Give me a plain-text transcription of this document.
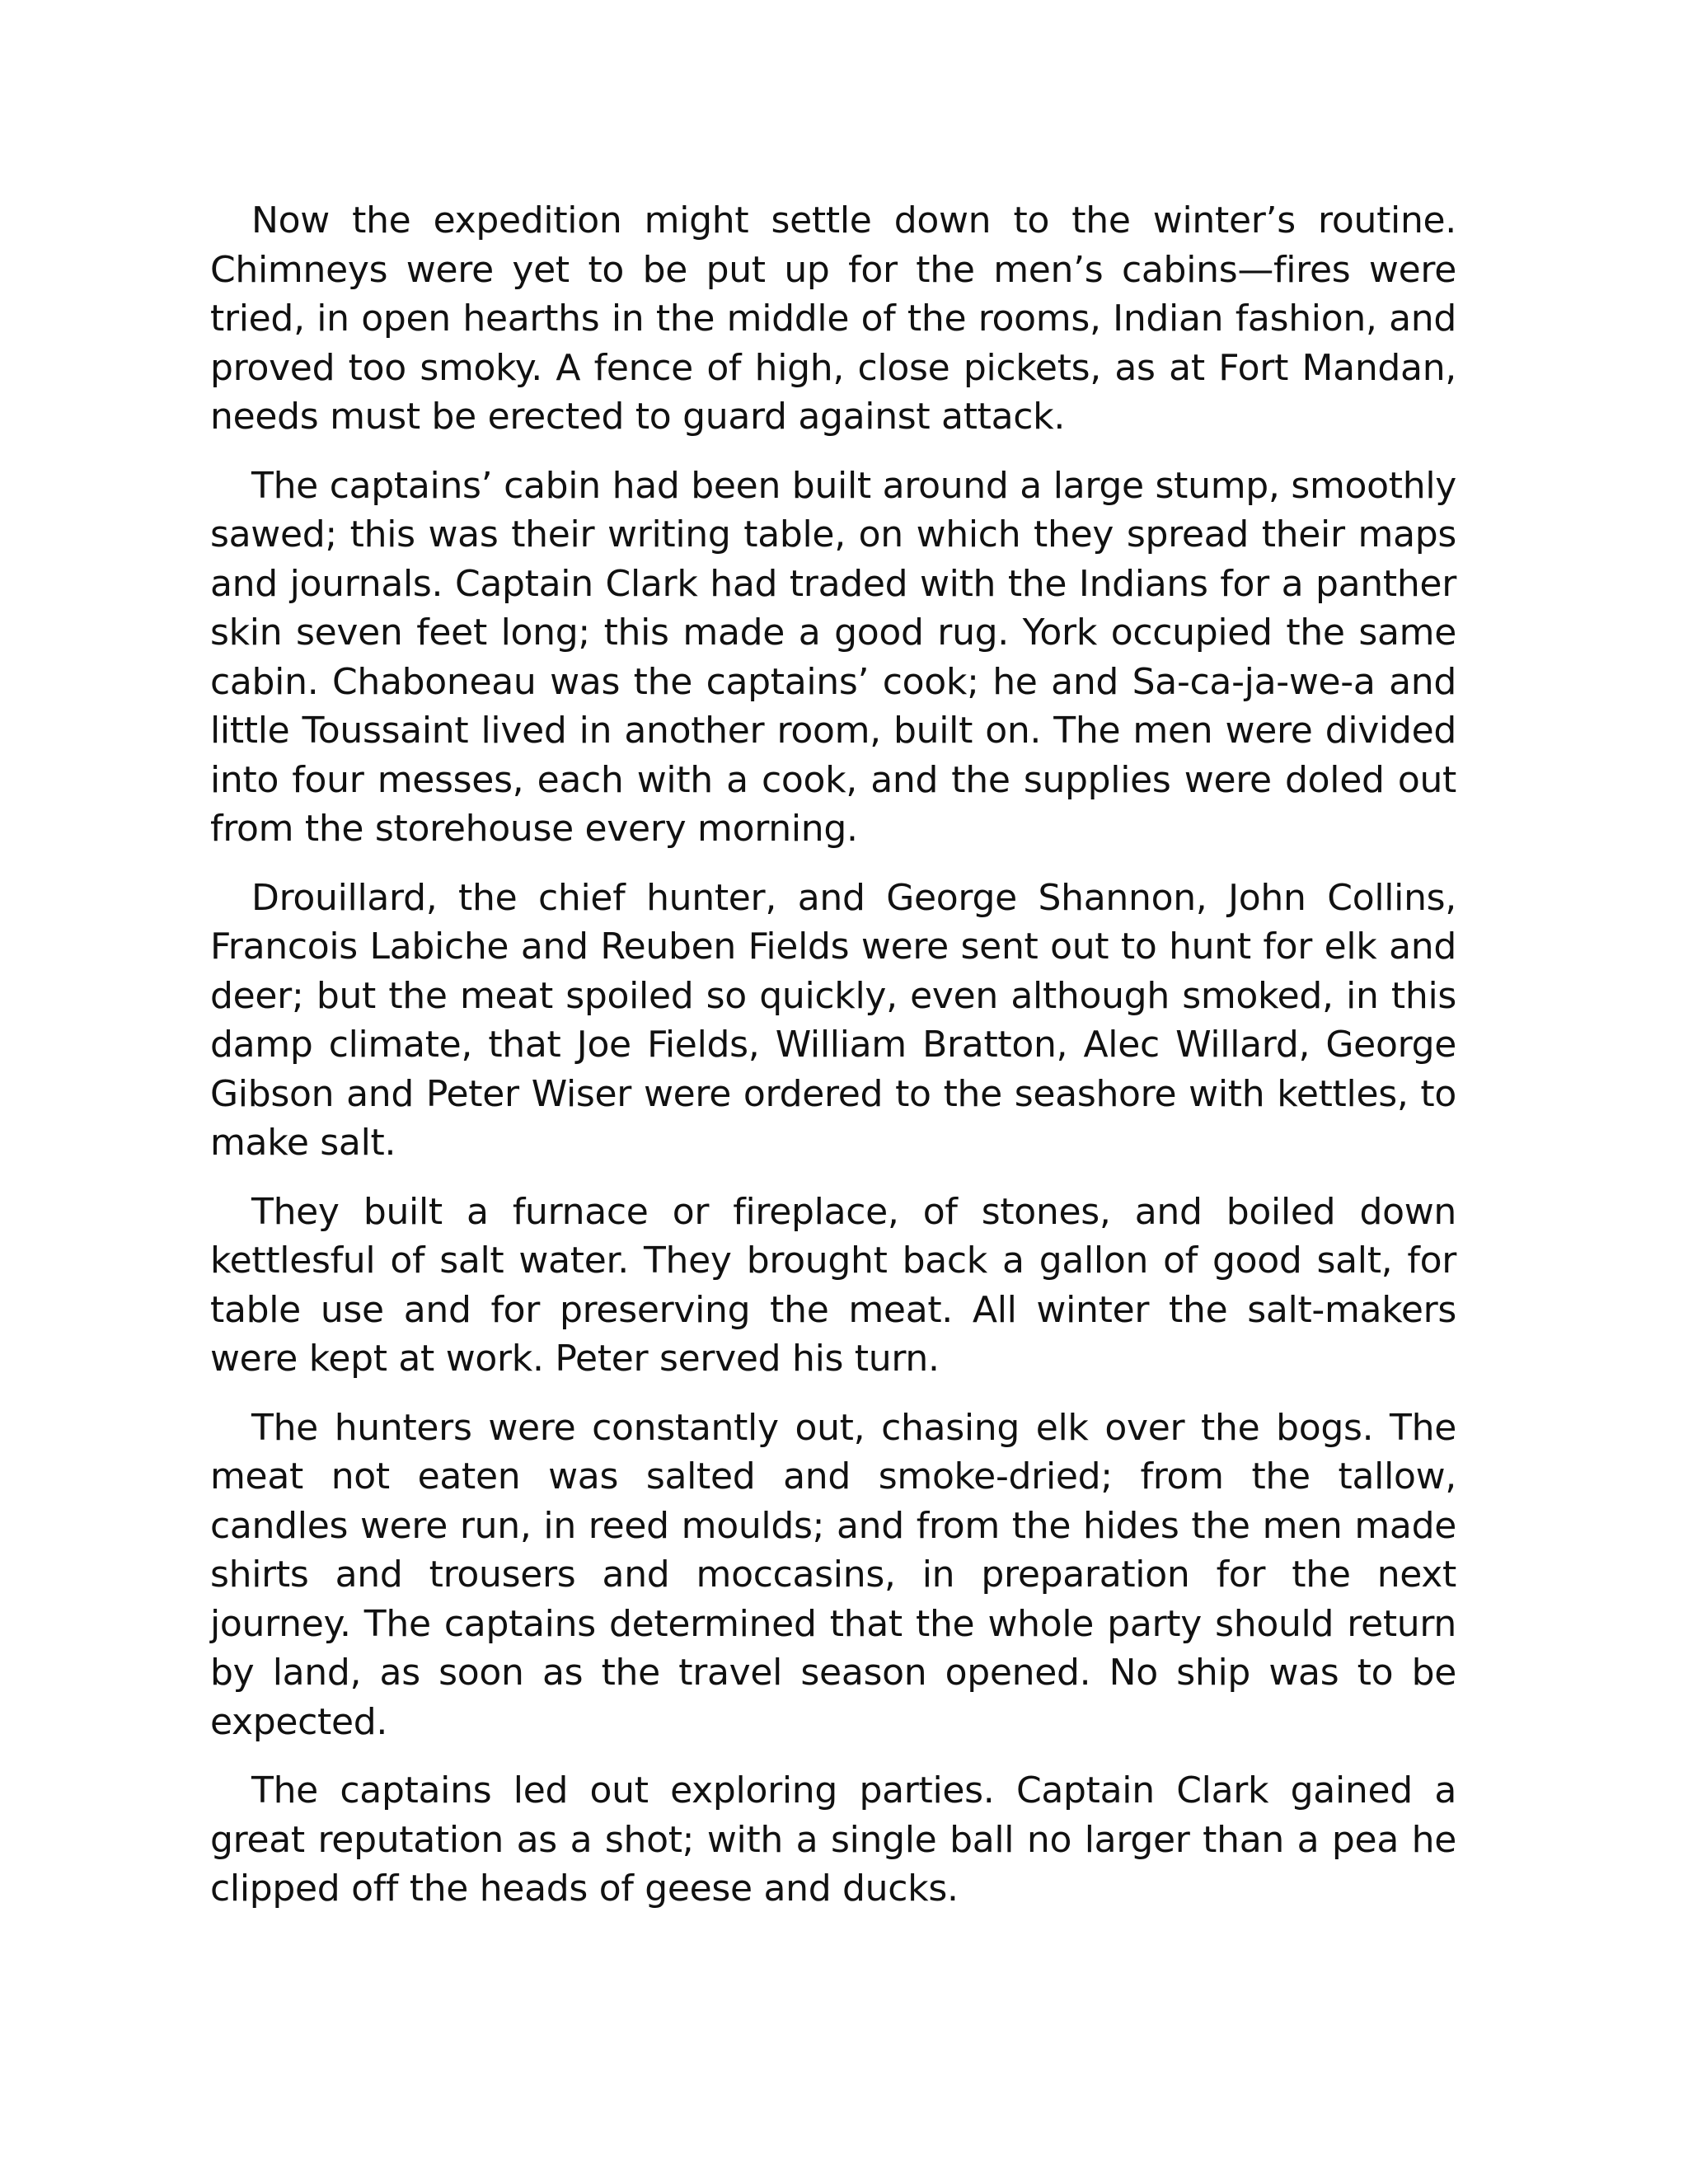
Now the expedition might settle down to the winter’s routine. Chimneys were yet to be put up for the men’s cabins—fires were tried, in open hearths in the middle of the rooms, Indian fashion, and proved too smoky. A fence of high, close pickets, as at Fort Mandan, needs must be erected to guard against attack.

The captains’ cabin had been built around a large stump, smoothly sawed; this was their writing table, on which they spread their maps and journals. Captain Clark had traded with the Indians for a panther skin seven feet long; this made a good rug. York occupied the same cabin. Chaboneau was the captains’ cook; he and Sa-ca-ja-we-a and little Toussaint lived in another room, built on. The men were divided into four messes, each with a cook, and the supplies were doled out from the storehouse every morning.

Drouillard, the chief hunter, and George Shannon, John Collins, Francois Labiche and Reuben Fields were sent out to hunt for elk and deer; but the meat spoiled so quickly, even although smoked, in this damp climate, that Joe Fields, William Bratton, Alec Willard, George Gibson and Peter Wiser were ordered to the seashore with kettles, to make salt.

They built a furnace or fireplace, of stones, and boiled down kettlesful of salt water. They brought back a gallon of good salt, for table use and for preserving the meat. All winter the salt-makers were kept at work. Peter served his turn.

The hunters were constantly out, chasing elk over the bogs. The meat not eaten was salted and smoke-dried; from the tallow, candles were run, in reed moulds; and from the hides the men made shirts and trousers and moccasins, in preparation for the next journey. The captains determined that the whole party should return by land, as soon as the travel season opened. No ship was to be expected.

The captains led out exploring parties. Captain Clark gained a great reputation as a shot; with a single ball no larger than a pea he clipped off the heads of geese and ducks.
